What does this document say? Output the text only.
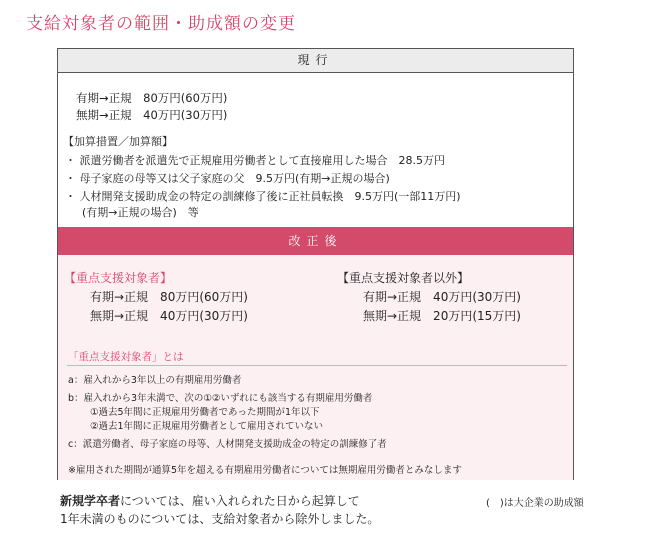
支給対象者の範囲・助成額の変更
現行
有期→正規　80万円(60万円)
無期→正規　40万円(30万円)
【加算措置／加算額】
・ 派遣労働者を派遣先で正規雇用労働者として直接雇用した場合　28.5万円
・ 母子家庭の母等又は父子家庭の父　9.5万円(有期→正規の場合)
・ 人材開発支援助成金の特定の訓練修了後に正社員転換　9.5万円(一部11万円)
(有期→正規の場合)　等
改正後
【重点支援対象者】
有期→正規　80万円(60万円)
無期→正規　40万円(30万円)
【重点支援対象者以外】
有期→正規　40万円(30万円)
無期→正規　20万円(15万円)
「重点支援対象者」とは
a：雇入れから3年以上の有期雇用労働者
b：雇入れから3年未満で、次の①②いずれにも該当する有期雇用労働者
①過去5年間に正規雇用労働者であった期間が1年以下
②過去1年間に正規雇用労働者として雇用されていない
c：派遣労働者、母子家庭の母等、人材開発支援助成金の特定の訓練修了者
※雇用された期間が通算5年を超える有期雇用労働者については無期雇用労働者とみなします
新規学卒者については、雇い入れられた日から起算して
1年未満のものについては、支給対象者から除外しました。
(　)は大企業の助成額
